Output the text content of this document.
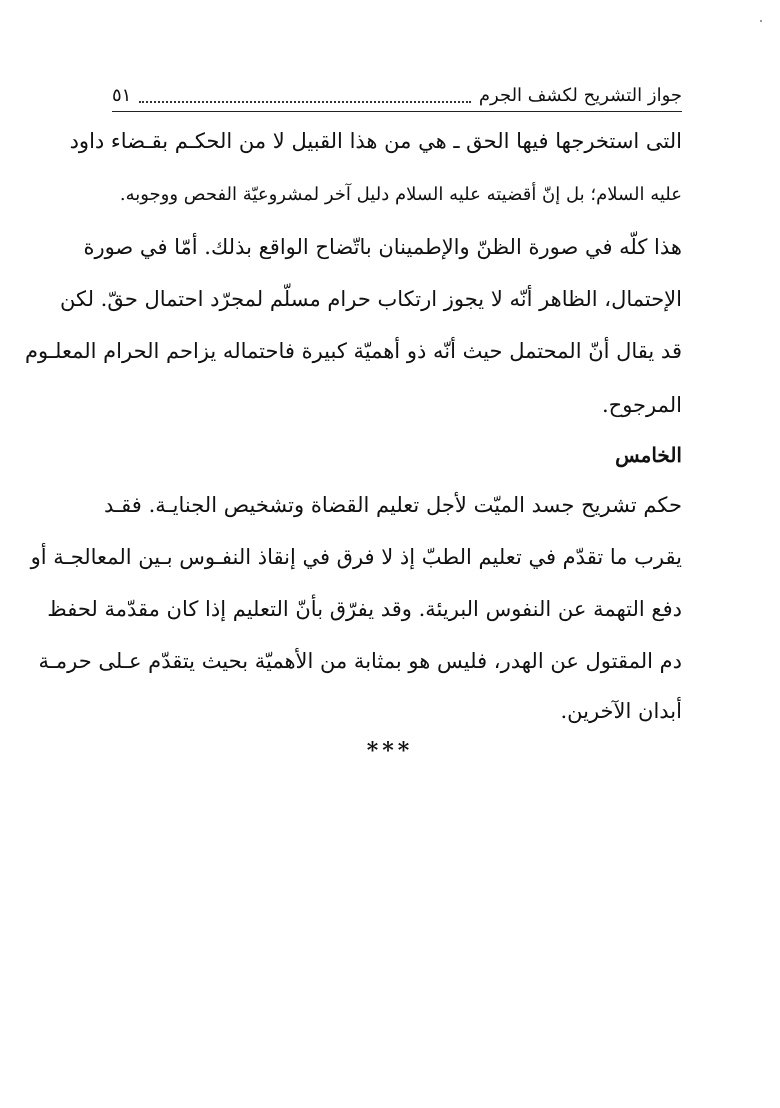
جواز التشريح لكشف الجرم
٥١
التى استخرجها فيها الحق ـ هي من هذا القبيل لا من الحكـم بقـضاء داود
عليه السلام؛ بل إنّ أقضيته عليه السلام دليل آخر لمشروعيّة الفحص ووجوبه.
هذا كلّه في صورة الظنّ والإطمينان باتّضاح الواقع بذلك. أمّا في صورة
الإحتمال، الظاهر أنّه لا يجوز ارتكاب حرام مسلّم لمجرّد احتمال حقّ. لكن
قد يقال أنّ المحتمل حيث أنّه ذو أهميّة كبيرة فاحتماله يزاحم الحرام المعلـوم
المرجوح.
الخامس
حكم تشريح جسد الميّت لأجل تعليم القضاة وتشخيص الجنايـة. فقـد
يقرب ما تقدّم في تعليم الطبّ إذ لا فرق في إنقاذ النفـوس بـين المعالجـة أو
دفع التهمة عن النفوس البريئة. وقد يفرّق بأنّ التعليم إذا كان مقدّمة لحفظ
دم المقتول عن الهدر، فليس هو بمثابة من الأهميّة بحيث يتقدّم عـلى حرمـة
أبدان الآخرين.
***
